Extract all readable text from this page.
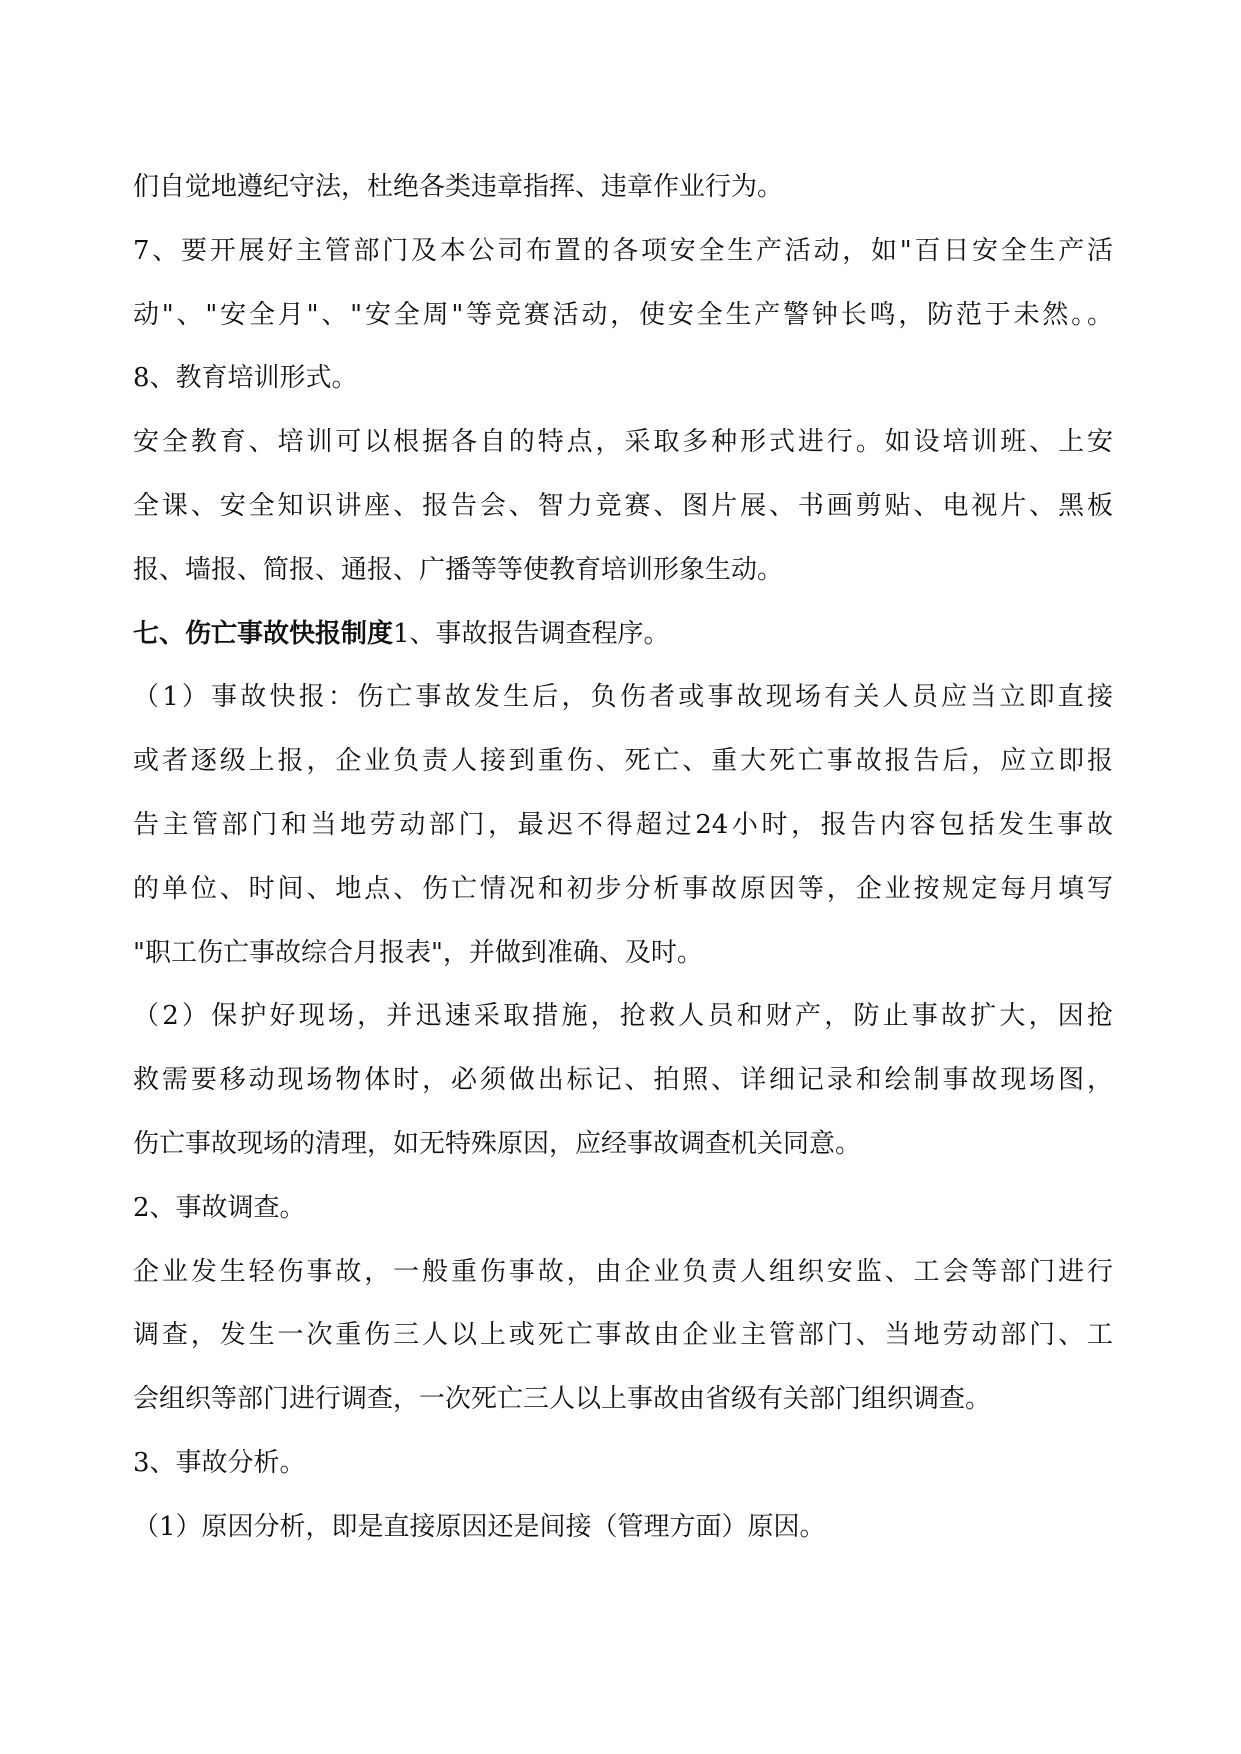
们自觉地遵纪守法，杜绝各类违章指挥、违章作业行为。
7、要开展好主管部门及本公司布置的各项安全生产活动，如"百日安全生产活
动"、"安全月"、"安全周"等竞赛活动，使安全生产警钟长鸣，防范于未然。。
8、教育培训形式。
安全教育、培训可以根据各自的特点，采取多种形式进行。如设培训班、上安
全课、安全知识讲座、报告会、智力竞赛、图片展、书画剪贴、电视片、黑板
报、墙报、简报、通报、广播等等使教育培训形象生动。
七、伤亡事故快报制度1、事故报告调查程序。
（1）事故快报：伤亡事故发生后，负伤者或事故现场有关人员应当立即直接
或者逐级上报，企业负责人接到重伤、死亡、重大死亡事故报告后，应立即报
告主管部门和当地劳动部门，最迟不得超过24小时，报告内容包括发生事故
的单位、时间、地点、伤亡情况和初步分析事故原因等，企业按规定每月填写
"职工伤亡事故综合月报表"，并做到准确、及时。
（2）保护好现场，并迅速采取措施，抢救人员和财产，防止事故扩大，因抢
救需要移动现场物体时，必须做出标记、拍照、详细记录和绘制事故现场图，
伤亡事故现场的清理，如无特殊原因，应经事故调查机关同意。
2、事故调查。
企业发生轻伤事故，一般重伤事故，由企业负责人组织安监、工会等部门进行
调查，发生一次重伤三人以上或死亡事故由企业主管部门、当地劳动部门、工
会组织等部门进行调查，一次死亡三人以上事故由省级有关部门组织调查。
3、事故分析。
（1）原因分析，即是直接原因还是间接（管理方面）原因。
